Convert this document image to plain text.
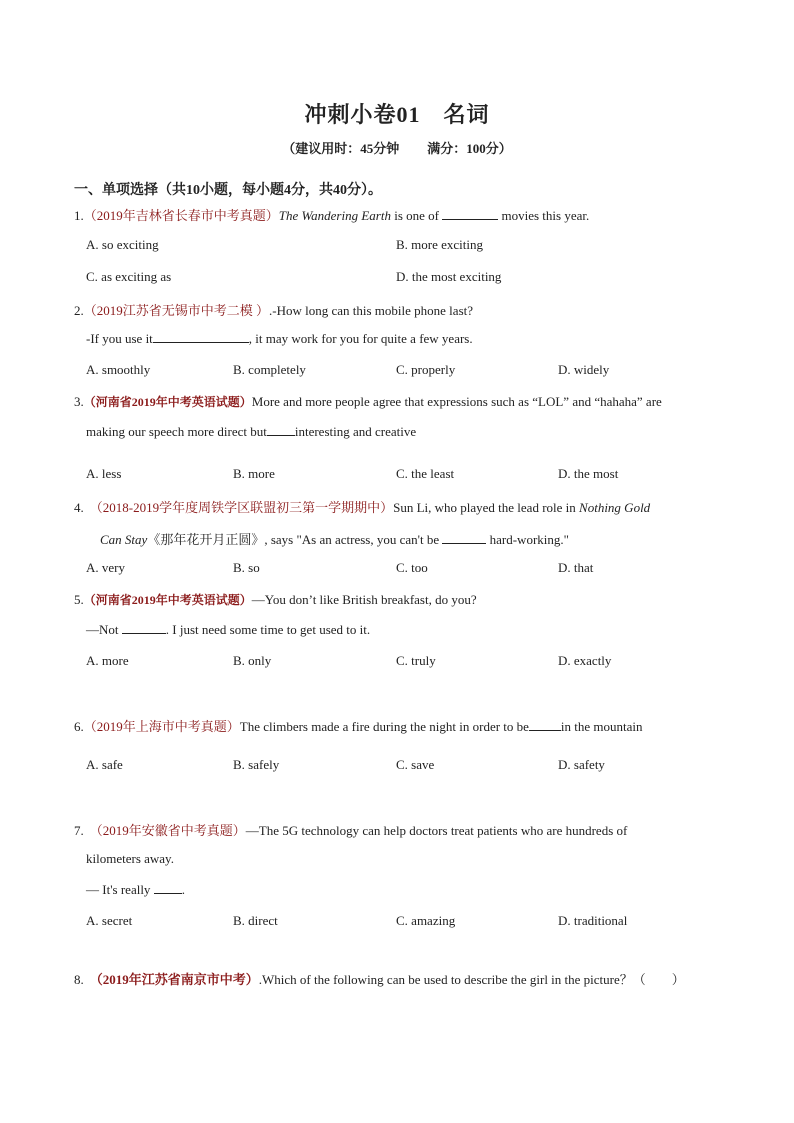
冲刺小卷01　名词
（建议用时：45分钟 满分：100分）
一、单项选择（共10小题，每小题4分，共40分）。
1.（2019年吉林省长春市中考真题）The Wandering Earth is one of	movies this year.
A. so exciting	B. more exciting
C. as exciting as	D. the most exciting
2.（2019江苏省无锡市中考二模 ）.-How long can this mobile phone last?
-If you use it	, it may work for you for quite a few years.
A. smoothly	B. completely	C. properly	D. widely
3.（河南省2019年中考英语试题）More and more people agree that expressions such as “LOL” and “hahaha” are
making our speech more direct but interesting and creative
A. less	B. more	C. the least	D. the most
4. （2018-2019学年度周铁学区联盟初三第一学期期中）Sun Li, who played the lead role in Nothing Gold
Can Stay《那年花开月正圆》, says "As an actress, you can't be	hard-working."
A. very	B. so	C. too	D. that
5.（河南省2019年中考英语试题）—You don’t like British breakfast, do you?
—Not	. I just need some time to get used to it.
A. more	B. only	C. truly	D. exactly
6.（2019年上海市中考真题）The climbers made a fire during the night in order to be in the mountain
A. safe	B. safely	C. save	D. safety
7. （2019年安徽省中考真题）—The 5G technology can help doctors treat patients who are hundreds of
kilometers away.
— It's really .
A. secret	B. direct	C. amazing	D. traditional
8. （2019年江苏省南京市中考）.Which of the following can be used to describe the girl in the picture？（　　）
